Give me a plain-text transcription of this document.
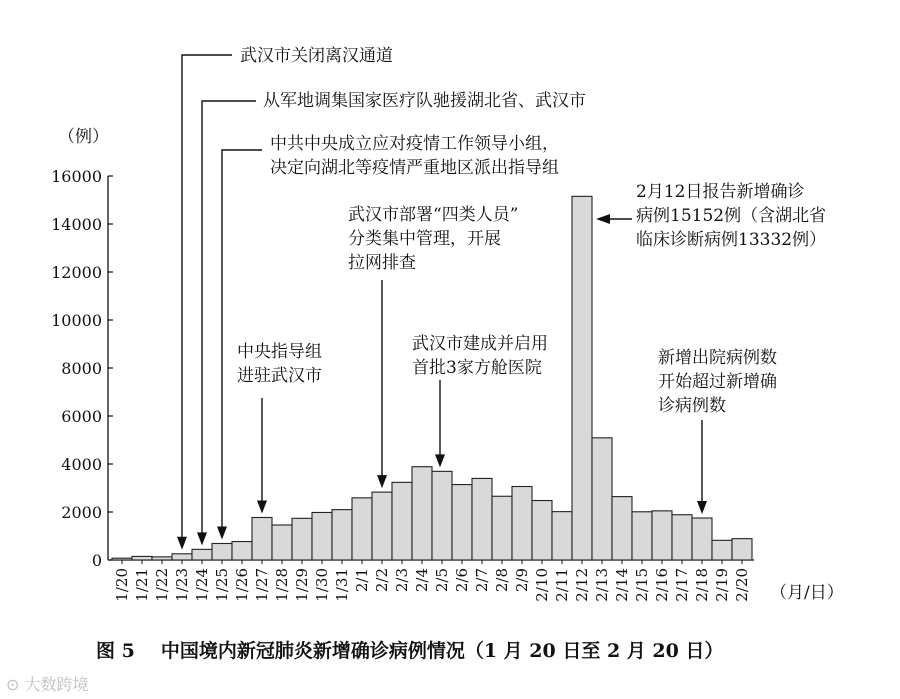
0
2000
4000
6000
8000
10000
12000
14000
16000
1/20 1/21 1/22 1/23 1/24 1/25 1/26 1/27 1/28 1/29 1/30 1/31 2/1 2/2 2/3 2/4 2/5 2/6 2/7 2/8 2/9 2/10 2/11 2/12 2/13 2/14 2/15 2/16 2/17 2/18 2/19 2/20
（例）
（月/日）
武汉市关闭离汉通道
从军地调集国家医疗队驰援湖北省、武汉市
中共中央成立应对疫情工作领导小组，
决定向湖北等疫情严重地区派出指导组
中央指导组
进驻武汉市
武汉市部署“四类人员”
分类集中管理，开展
拉网排查
武汉市建成并启用
首批3家方舱医院
2月12日报告新增确诊
病例15152例（含湖北省
临床诊断病例13332例）
新增出院病例数
开始超过新增确
诊病例数
图 5 中国境内新冠肺炎新增确诊病例情况（1 月 20 日至 2 月 20 日）
⊙ 大数跨境
